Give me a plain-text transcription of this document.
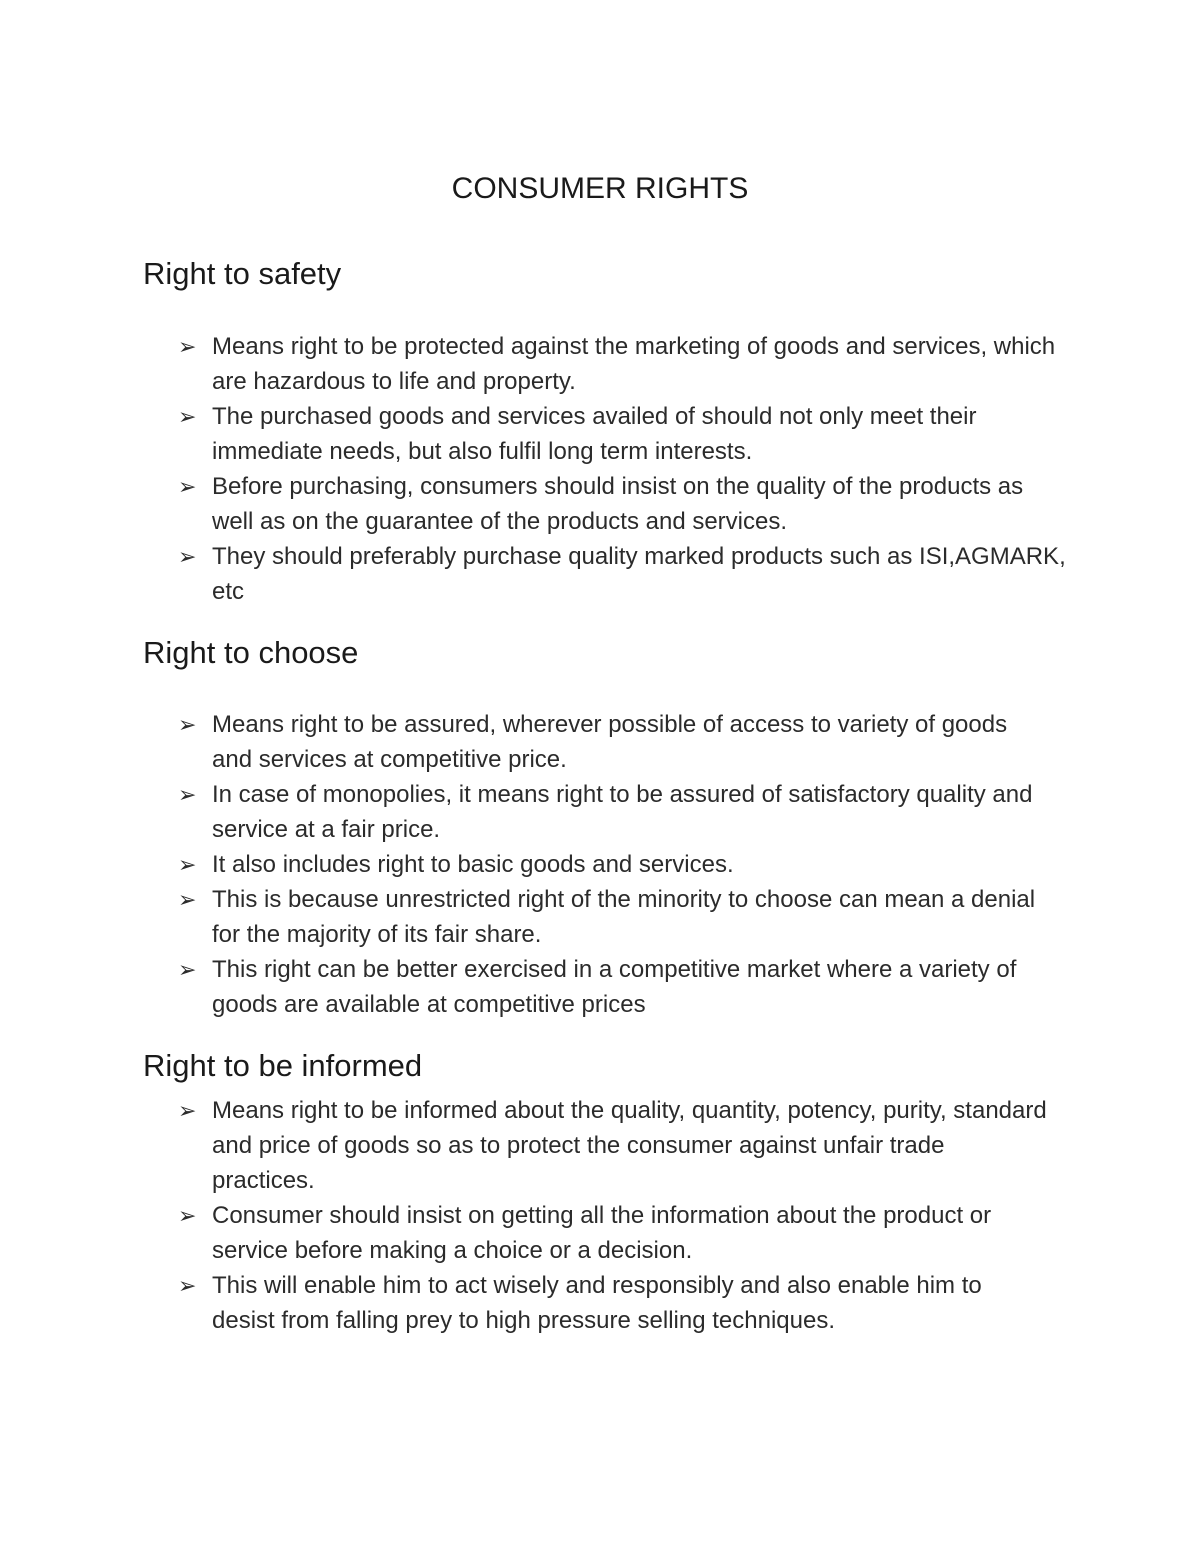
CONSUMER RIGHTS
Right to safety
➢ Means right to be protected against the marketing of goods and services, which are hazardous to life and property.
➢ The purchased goods and services availed of should not only meet their immediate needs, but also fulfil long term interests.
➢ Before purchasing, consumers should insist on the quality of the products as well as on the guarantee of the products and services.
➢ They should preferably purchase quality marked products such as ISI,AGMARK, etc
Right to choose
➢ Means right to be assured, wherever possible of access to variety of goods and services at competitive price.
➢ In case of monopolies, it means right to be assured of satisfactory quality and service at a fair price.
➢ It also includes right to basic goods and services.
➢ This is because unrestricted right of the minority to choose can mean a denial for the majority of its fair share.
➢ This right can be better exercised in a competitive market where a variety of goods are available at competitive prices
Right to be informed
➢ Means right to be informed about the quality, quantity, potency, purity, standard and price of goods so as to protect the consumer against unfair trade practices.
➢ Consumer should insist on getting all the information about the product or service before making a choice or a decision.
➢ This will enable him to act wisely and responsibly and also enable him to desist from falling prey to high pressure selling techniques.
